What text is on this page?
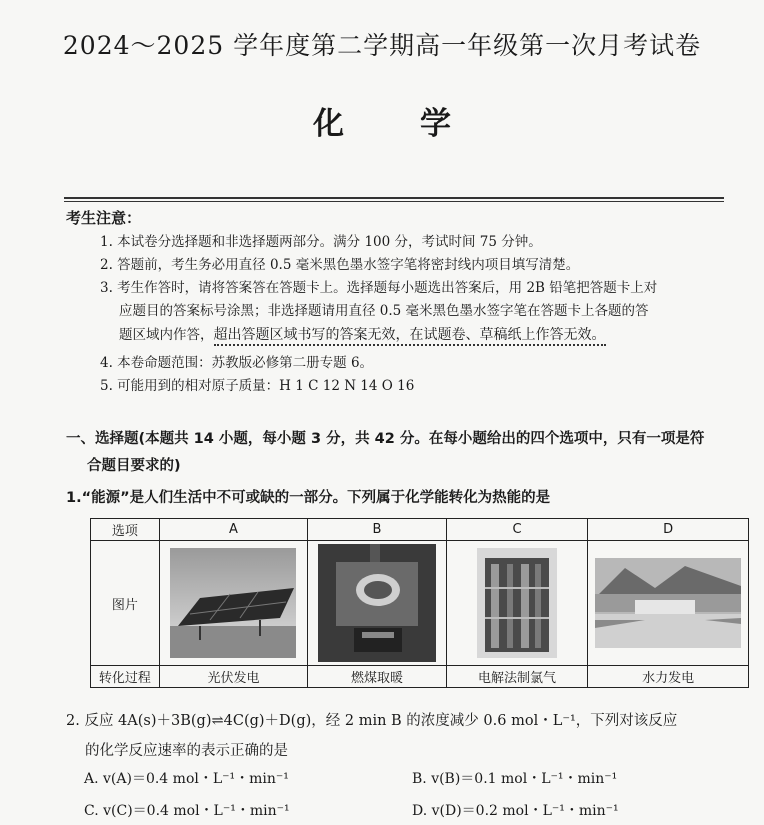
2024～2025 学年度第二学期高一年级第一次月考试卷
化 学
考生注意：
1. 本试卷分选择题和非选择题两部分。满分 100 分，考试时间 75 分钟。
2. 答题前，考生务必用直径 0.5 毫米黑色墨水签字笔将密封线内项目填写清楚。
3. 考生作答时，请将答案答在答题卡上。选择题每小题选出答案后，用 2B 铅笔把答题卡上对
应题目的答案标号涂黑；非选择题请用直径 0.5 毫米黑色墨水签字笔在答题卡上各题的答
题区域内作答，超出答题区域书写的答案无效，在试题卷、草稿纸上作答无效。
4. 本卷命题范围：苏教版必修第二册专题 6。
5. 可能用到的相对原子质量：H 1 C 12 N 14 O 16
一、选择题(本题共 14 小题，每小题 3 分，共 42 分。在每小题给出的四个选项中，只有一项是符
合题目要求的)
1.“能源”是人们生活中不可或缺的一部分。下列属于化学能转化为热能的是
选项	A	B	C	D
图片	

转化过程	光伏发电	燃煤取暖	电解法制氯气	水力发电
2. 反应 4A(s)＋3B(g)⇌4C(g)＋D(g)，经 2 min B 的浓度减少 0.6 mol・L⁻¹，下列对该反应
的化学反应速率的表示正确的是
A. v(A)＝0.4 mol・L⁻¹・min⁻¹	B. v(B)＝0.1 mol・L⁻¹・min⁻¹
C. v(C)＝0.4 mol・L⁻¹・min⁻¹	D. v(D)＝0.2 mol・L⁻¹・min⁻¹
